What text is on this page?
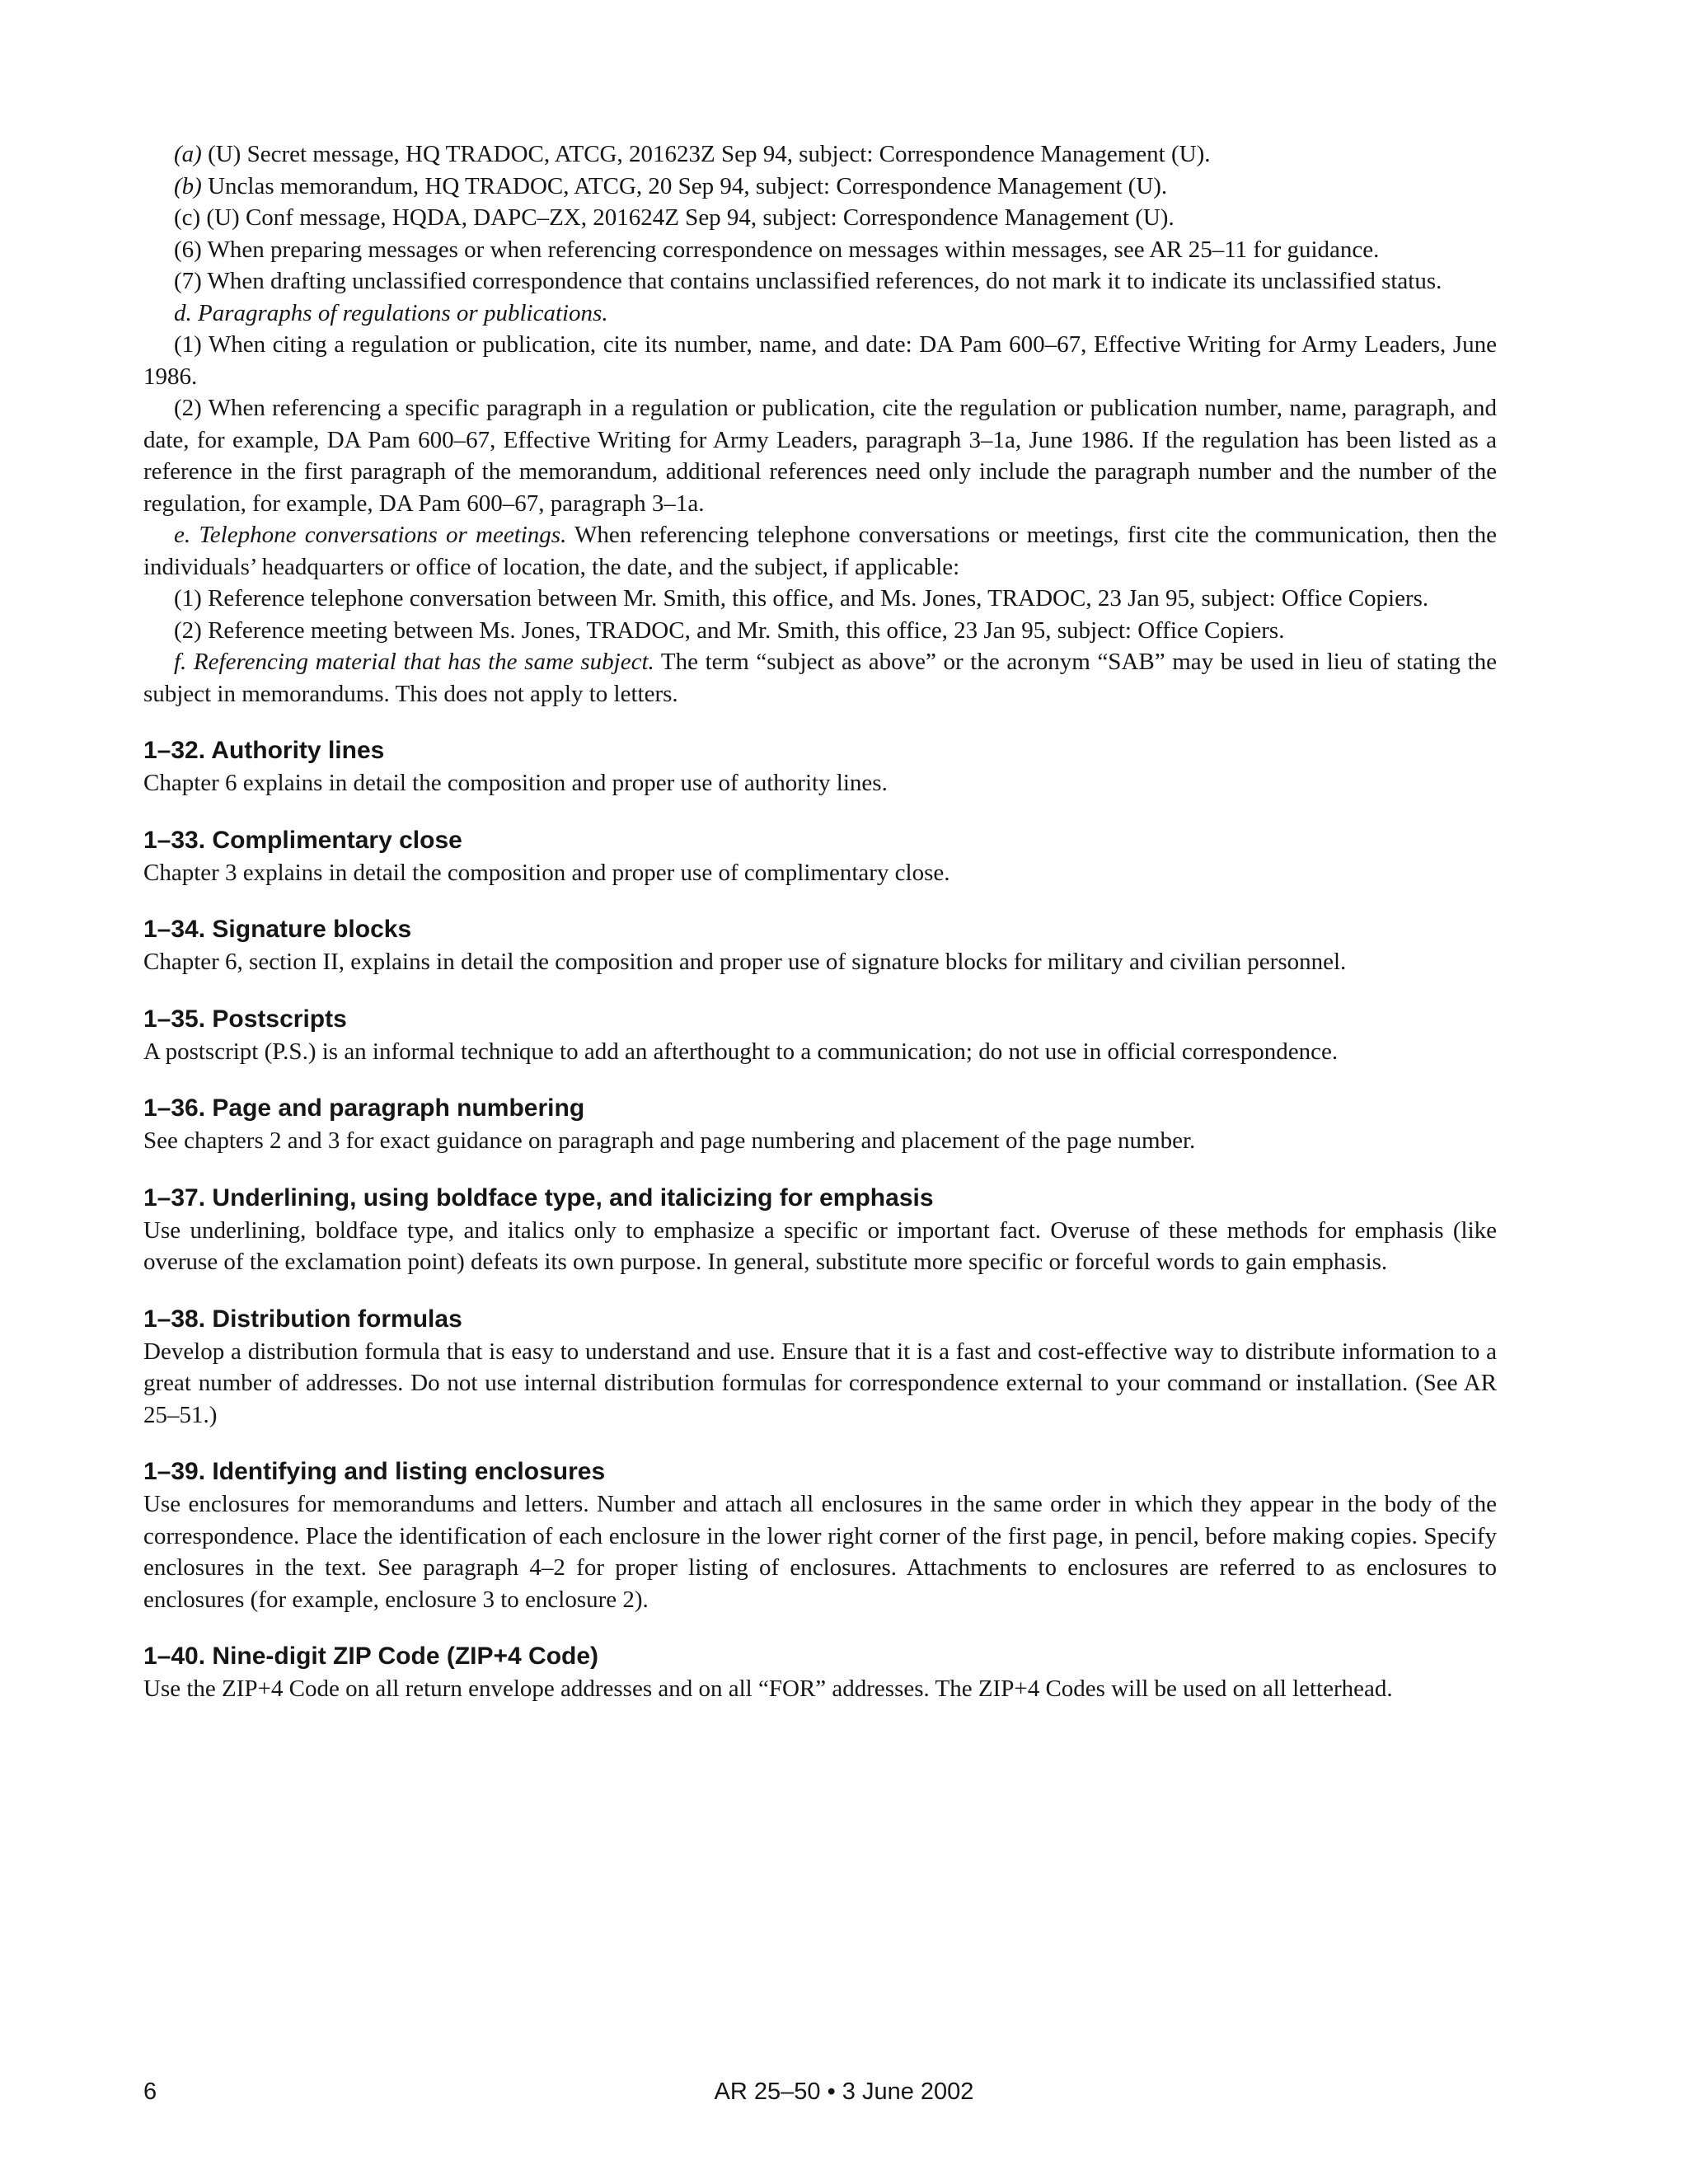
(a) (U) Secret message, HQ TRADOC, ATCG, 201623Z Sep 94, subject: Correspondence Management (U).

(b) Unclas memorandum, HQ TRADOC, ATCG, 20 Sep 94, subject: Correspondence Management (U).

(c) (U) Conf message, HQDA, DAPC–ZX, 201624Z Sep 94, subject: Correspondence Management (U).

(6) When preparing messages or when referencing correspondence on messages within messages, see AR 25–11 for guidance.

(7) When drafting unclassified correspondence that contains unclassified references, do not mark it to indicate its unclassified status.

d. Paragraphs of regulations or publications.

(1) When citing a regulation or publication, cite its number, name, and date: DA Pam 600–67, Effective Writing for Army Leaders, June 1986.

(2) When referencing a specific paragraph in a regulation or publication, cite the regulation or publication number, name, paragraph, and date, for example, DA Pam 600–67, Effective Writing for Army Leaders, paragraph 3–1a, June 1986. If the regulation has been listed as a reference in the first paragraph of the memorandum, additional references need only include the paragraph number and the number of the regulation, for example, DA Pam 600–67, paragraph 3–1a.

e. Telephone conversations or meetings. When referencing telephone conversations or meetings, first cite the communication, then the individuals’ headquarters or office of location, the date, and the subject, if applicable:

(1) Reference telephone conversation between Mr. Smith, this office, and Ms. Jones, TRADOC, 23 Jan 95, subject: Office Copiers.

(2) Reference meeting between Ms. Jones, TRADOC, and Mr. Smith, this office, 23 Jan 95, subject: Office Copiers.

f. Referencing material that has the same subject. The term “subject as above” or the acronym “SAB” may be used in lieu of stating the subject in memorandums. This does not apply to letters.

1–32. Authority lines

Chapter 6 explains in detail the composition and proper use of authority lines.

1–33. Complimentary close

Chapter 3 explains in detail the composition and proper use of complimentary close.

1–34. Signature blocks

Chapter 6, section II, explains in detail the composition and proper use of signature blocks for military and civilian personnel.

1–35. Postscripts

A postscript (P.S.) is an informal technique to add an afterthought to a communication; do not use in official correspondence.

1–36. Page and paragraph numbering

See chapters 2 and 3 for exact guidance on paragraph and page numbering and placement of the page number.

1–37. Underlining, using boldface type, and italicizing for emphasis

Use underlining, boldface type, and italics only to emphasize a specific or important fact. Overuse of these methods for emphasis (like overuse of the exclamation point) defeats its own purpose. In general, substitute more specific or forceful words to gain emphasis.

1–38. Distribution formulas

Develop a distribution formula that is easy to understand and use. Ensure that it is a fast and cost-effective way to distribute information to a great number of addresses. Do not use internal distribution formulas for correspondence external to your command or installation. (See AR 25–51.)

1–39. Identifying and listing enclosures

Use enclosures for memorandums and letters. Number and attach all enclosures in the same order in which they appear in the body of the correspondence. Place the identification of each enclosure in the lower right corner of the first page, in pencil, before making copies. Specify enclosures in the text. See paragraph 4–2 for proper listing of enclosures. Attachments to enclosures are referred to as enclosures to enclosures (for example, enclosure 3 to enclosure 2).

1–40. Nine-digit ZIP Code (ZIP+4 Code)

Use the ZIP+4 Code on all return envelope addresses and on all “FOR” addresses. The ZIP+4 Codes will be used on all letterhead.

AR 25–50 • 3 June 2002
6
